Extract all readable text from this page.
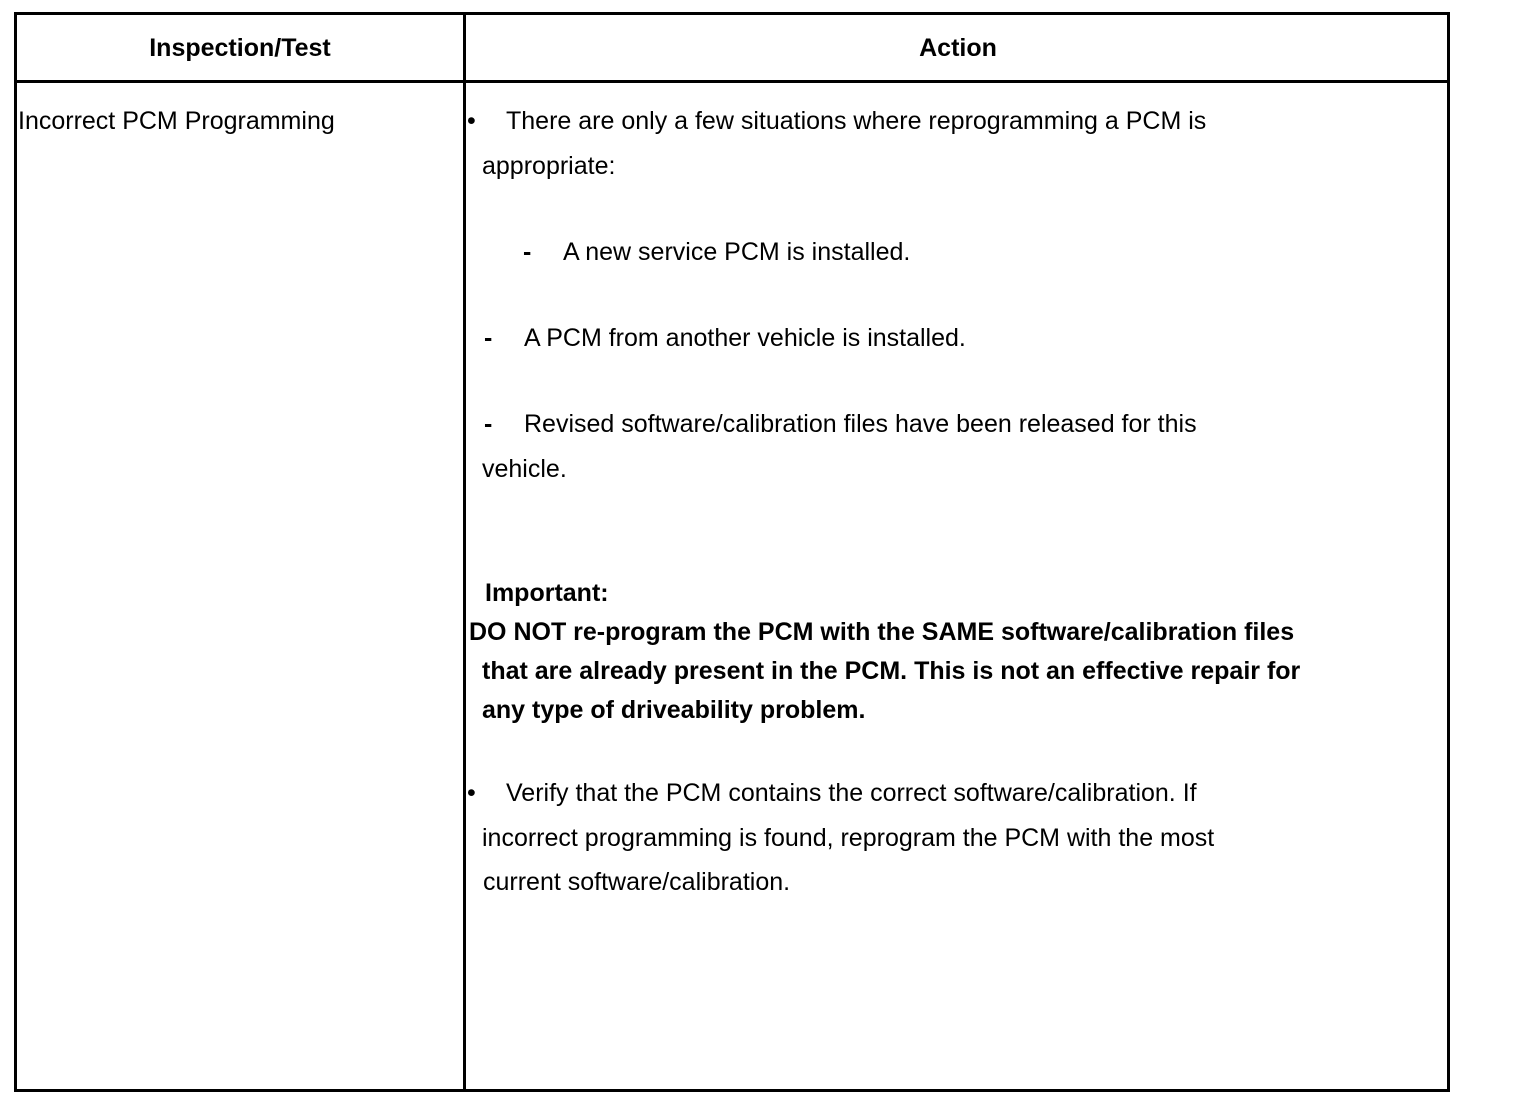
Inspection/Test	Action
Incorrect PCM Programming	• There are only a few situations where reprogramming a PCM is
appropriate:
- A new service PCM is installed.
- A PCM from another vehicle is installed.
- Revised software/calibration files have been released for this
vehicle.
Important:
DO NOT re-program the PCM with the SAME software/calibration files
that are already present in the PCM. This is not an effective repair for
any type of driveability problem.
• Verify that the PCM contains the correct software/calibration. If
incorrect programming is found, reprogram the PCM with the most
current software/calibration.
